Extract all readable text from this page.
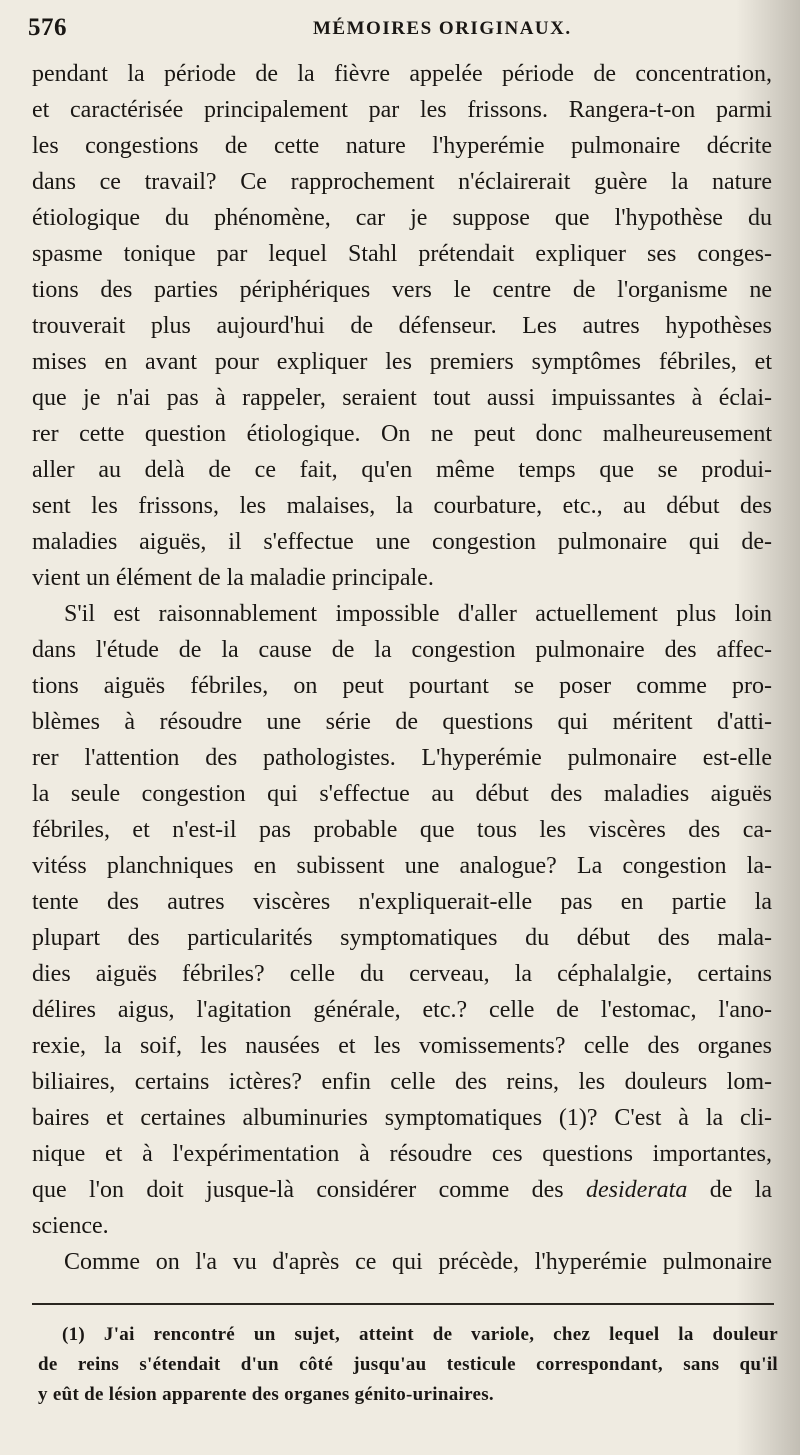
576	MÉMOIRES ORIGINAUX.
pendant la période de la fièvre appelée période de concentration,
et caractérisée principalement par les frissons. Rangera-t-on parmi
les congestions de cette nature l'hyperémie pulmonaire décrite
dans ce travail? Ce rapprochement n'éclairerait guère la nature
étiologique du phénomène, car je suppose que l'hypothèse du
spasme tonique par lequel Stahl prétendait expliquer ses conges-
tions des parties périphériques vers le centre de l'organisme ne
trouverait plus aujourd'hui de défenseur. Les autres hypothèses
mises en avant pour expliquer les premiers symptômes fébriles, et
que je n'ai pas à rappeler, seraient tout aussi impuissantes à éclai-
rer cette question étiologique. On ne peut donc malheureusement
aller au delà de ce fait, qu'en même temps que se produi-
sent les frissons, les malaises, la courbature, etc., au début des
maladies aiguës, il s'effectue une congestion pulmonaire qui de-
vient un élément de la maladie principale.
S'il est raisonnablement impossible d'aller actuellement plus loin
dans l'étude de la cause de la congestion pulmonaire des affec-
tions aiguës fébriles, on peut pourtant se poser comme pro-
blèmes à résoudre une série de questions qui méritent d'atti-
rer l'attention des pathologistes. L'hyperémie pulmonaire est-elle
la seule congestion qui s'effectue au début des maladies aiguës
fébriles, et n'est-il pas probable que tous les viscères des ca-
vitéss planchniques en subissent une analogue? La congestion la-
tente des autres viscères n'expliquerait-elle pas en partie la
plupart des particularités symptomatiques du début des mala-
dies aiguës fébriles? celle du cerveau, la céphalalgie, certains
délires aigus, l'agitation générale, etc.? celle de l'estomac, l'ano-
rexie, la soif, les nausées et les vomissements? celle des organes
biliaires, certains ictères? enfin celle des reins, les douleurs lom-
baires et certaines albuminuries symptomatiques (1)? C'est à la cli-
nique et à l'expérimentation à résoudre ces questions importantes,
que l'on doit jusque-là considérer comme des desiderata de la
science.
Comme on l'a vu d'après ce qui précède, l'hyperémie pulmonaire
(1) J'ai rencontré un sujet, atteint de variole, chez lequel la douleur
de reins s'étendait d'un côté jusqu'au testicule correspondant, sans qu'il
y eût de lésion apparente des organes génito-urinaires.
